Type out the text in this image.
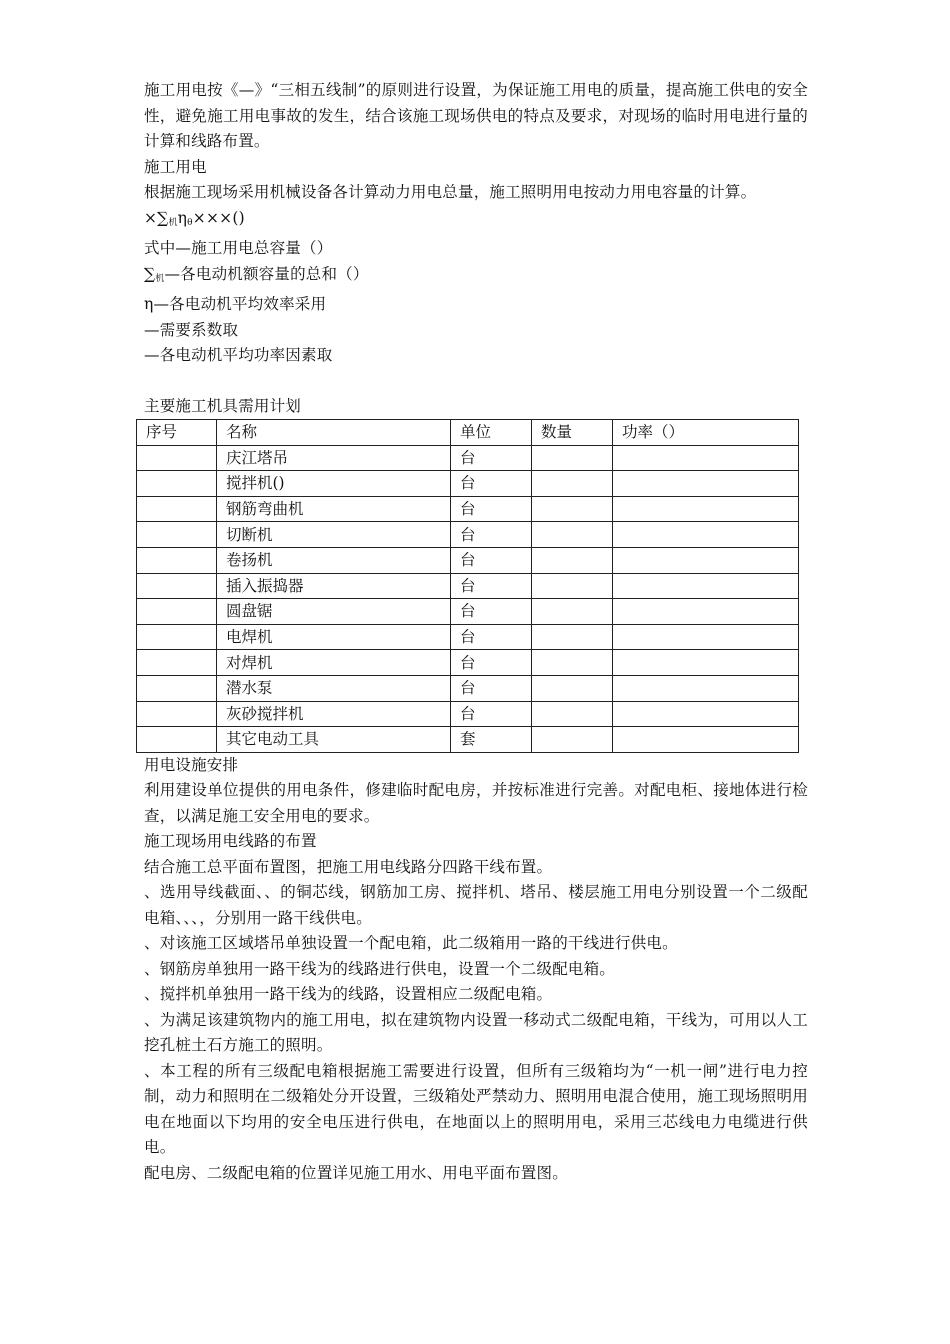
施工用电按《—》“三相五线制”的原则进行设置，为保证施工用电的质量，提高施工供电的安全性，避免施工用电事故的发生，结合该施工现场供电的特点及要求，对现场的临时用电进行量的计算和线路布置。

施工用电

根据施工现场采用机械设备各计算动力用电总量，施工照明用电按动力用电容量的计算。

$\times\sum_机\eta_\theta\times\times\times()$

式中—施工用电总容量（）

$\sum_机—$各电动机额容量的总和（）

η—各电动机平均效率采用

—需要系数取

—各电动机平均功率因素取

主要施工机具需用计划

序号	名称	单位	数量	功率（）
	庆江塔吊	台		
	搅拌机()	台		
	钢筋弯曲机	台		
	切断机	台		
	卷扬机	台		
	插入振捣器	台		
	圆盘锯	台		
	电焊机	台		
	对焊机	台		
	潜水泵	台		
	灰砂搅拌机	台		
	其它电动工具	套		

用电设施安排

利用建设单位提供的用电条件，修建临时配电房，并按标准进行完善。对配电柜、接地体进行检查，以满足施工安全用电的要求。

施工现场用电线路的布置

结合施工总平面布置图，把施工用电线路分四路干线布置。

、选用导线截面、、的铜芯线，钢筋加工房、搅拌机、塔吊、楼层施工用电分别设置一个二级配电箱、、、，分别用一路干线供电。

、对该施工区域塔吊单独设置一个配电箱，此二级箱用一路的干线进行供电。

、钢筋房单独用一路干线为的线路进行供电，设置一个二级配电箱。

、搅拌机单独用一路干线为的线路，设置相应二级配电箱。

、为满足该建筑物内的施工用电，拟在建筑物内设置一移动式二级配电箱，干线为，可用以人工挖孔桩土石方施工的照明。

、本工程的所有三级配电箱根据施工需要进行设置，但所有三级箱均为“一机一闸”进行电力控制，动力和照明在二级箱处分开设置，三级箱处严禁动力、照明用电混合使用，施工现场照明用电在地面以下均用的安全电压进行供电，在地面以上的照明用电，采用三芯线电力电缆进行供电。

配电房、二级配电箱的位置详见施工用水、用电平面布置图。
